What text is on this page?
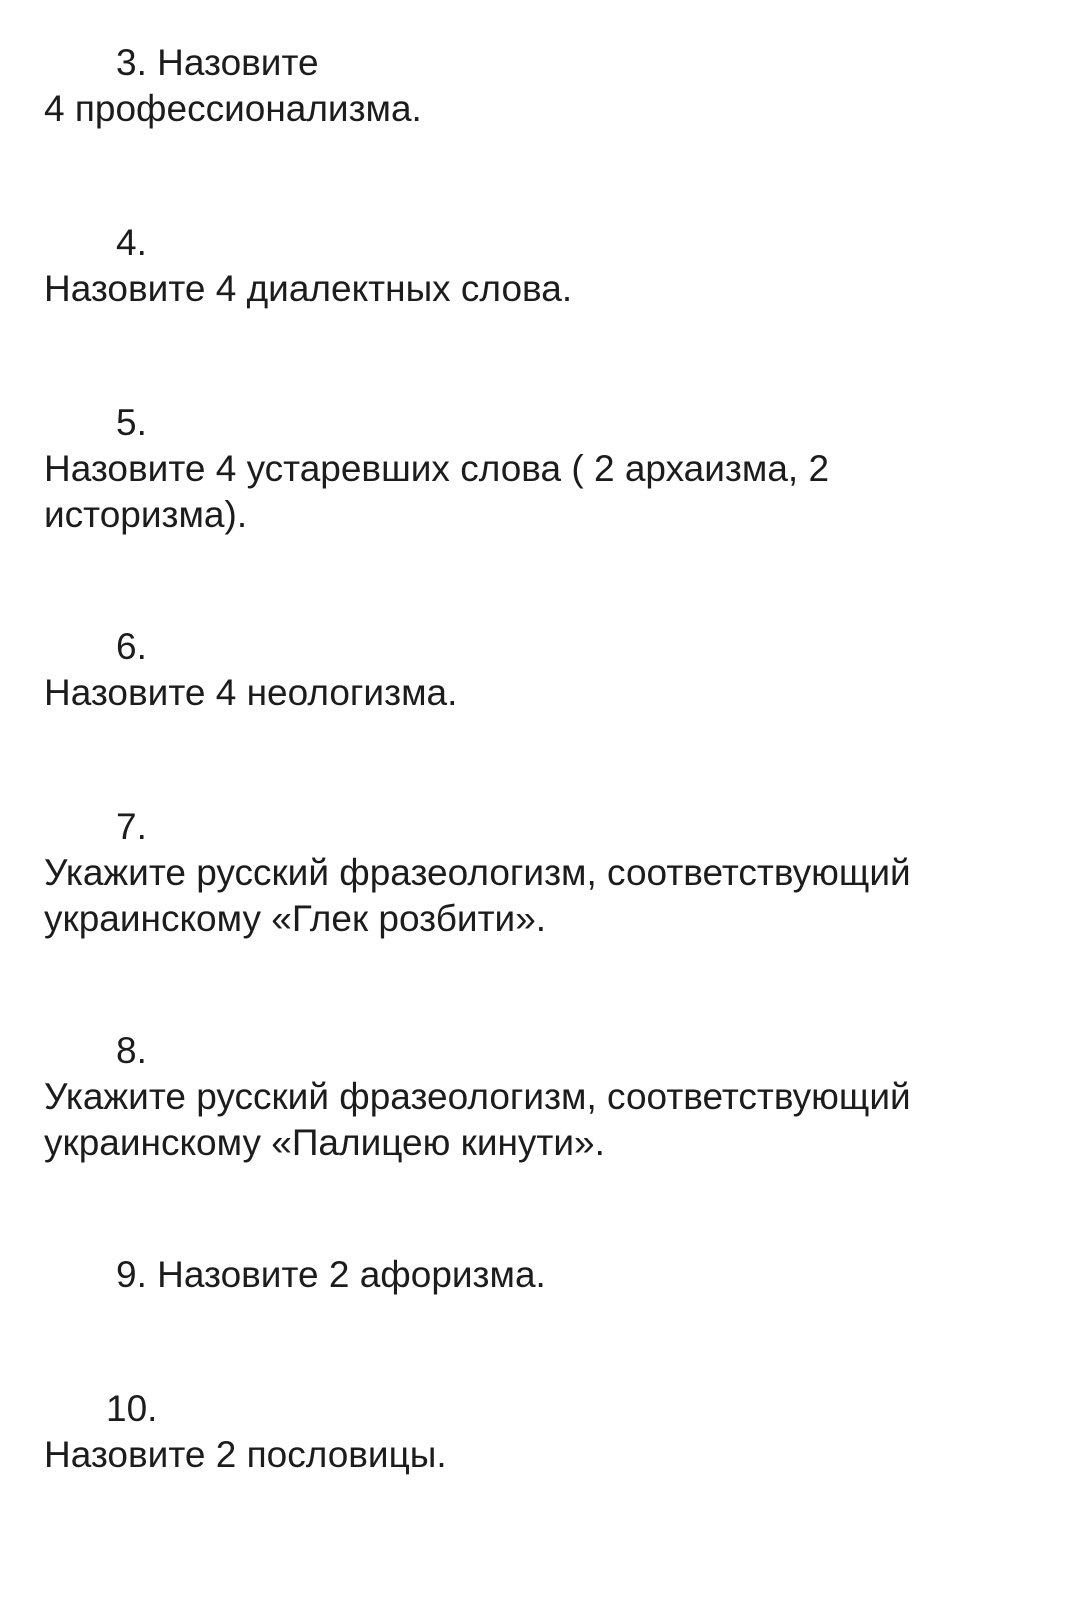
3. Назовите
4 профессионализма.
4.
Назовите 4 диалектных слова.
5.
Назовите 4 устаревших слова ( 2 архаизма, 2
историзма).
6.
Назовите 4 неологизма.
7.
Укажите русский фразеологизм, соответствующий
украинскому «Глек розбити».
8.
Укажите русский фразеологизм, соответствующий
украинскому «Палицею кинути».
9. Назовите 2 афоризма.
10.
Назовите 2 пословицы.
